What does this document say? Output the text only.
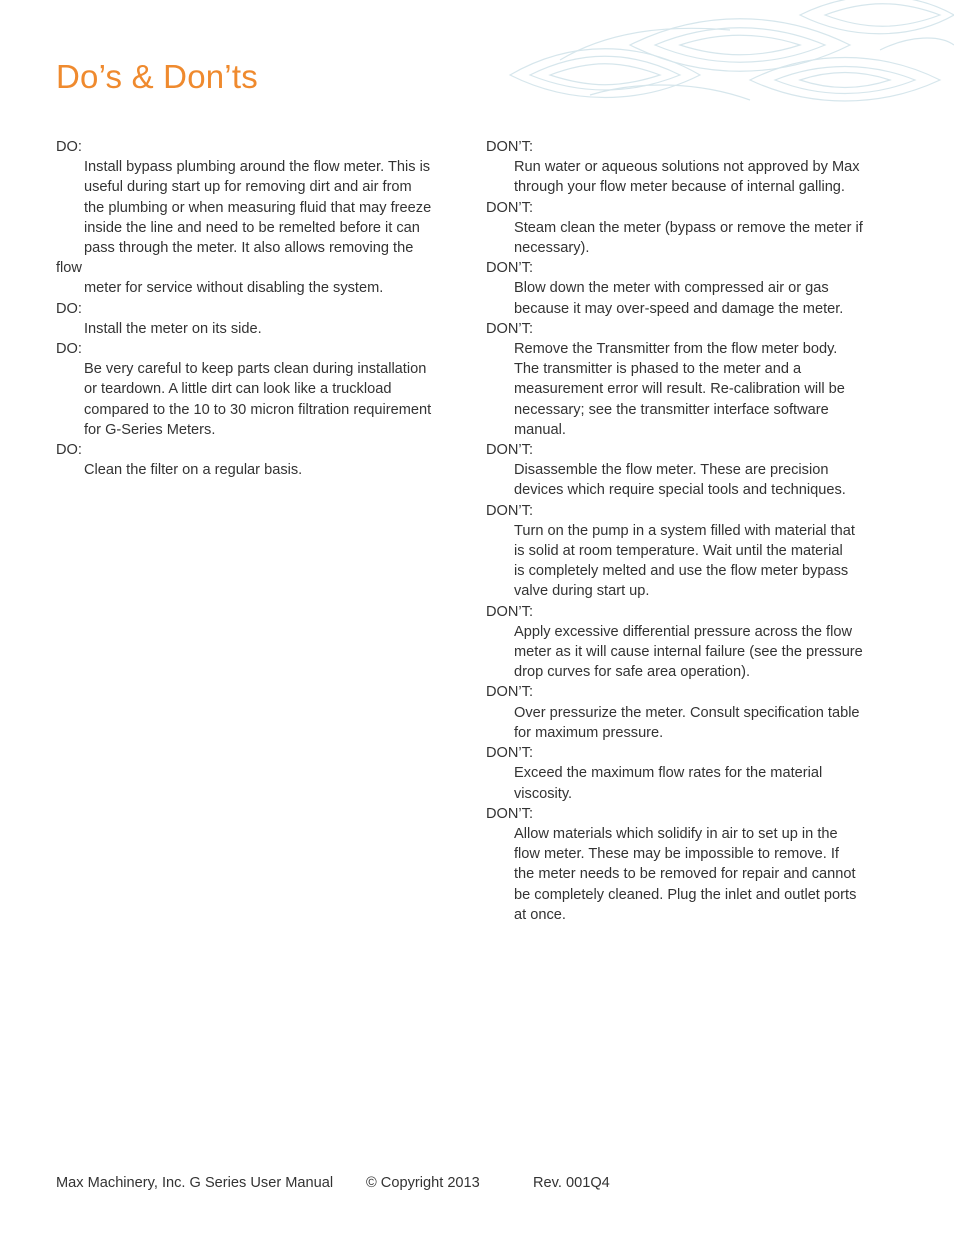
Do’s & Don’ts
DO:
Install bypass plumbing around the flow meter. This is
useful during start up for removing dirt and air from
the plumbing or when measuring fluid that may freeze
inside the line and need to be remelted before it can
pass through the meter. It also allows removing the
flow
meter for service without disabling the system.
DO:
Install the meter on its side.
DO:
Be very careful to keep parts clean during installation
or teardown. A little dirt can look like a truckload
compared to the 10 to 30 micron filtration requirement
for G-Series Meters.
DO:
Clean the filter on a regular basis.
DON’T:
Run water or aqueous solutions not approved by Max
through your flow meter because of internal galling.
DON’T:
Steam clean the meter (bypass or remove the meter if
necessary).
DON’T:
Blow down the meter with compressed air or gas
because it may over-speed and damage the meter.
DON’T:
Remove the Transmitter from the flow meter body.
The transmitter is phased to the meter and a
measurement error will result. Re-calibration will be
necessary; see the transmitter interface software
manual.
DON’T:
Disassemble the flow meter. These are precision
devices which require special tools and techniques.
DON’T:
Turn on the pump in a system filled with material that
is solid at room temperature. Wait until the material
is completely melted and use the flow meter bypass
valve during start up.
DON’T:
Apply excessive differential pressure across the flow
meter as it will cause internal failure (see the pressure
drop curves for safe area operation).
DON’T:
Over pressurize the meter. Consult specification table
for maximum pressure.
DON’T:
Exceed the maximum flow rates for the material
viscosity.
DON’T:
Allow materials which solidify in air to set up in the
flow meter. These may be impossible to remove. If
the meter needs to be removed for repair and cannot
be completely cleaned. Plug the inlet and outlet ports
at once.
Max Machinery, Inc. G Series User Manual © Copyright 2013	Rev. 001Q4
